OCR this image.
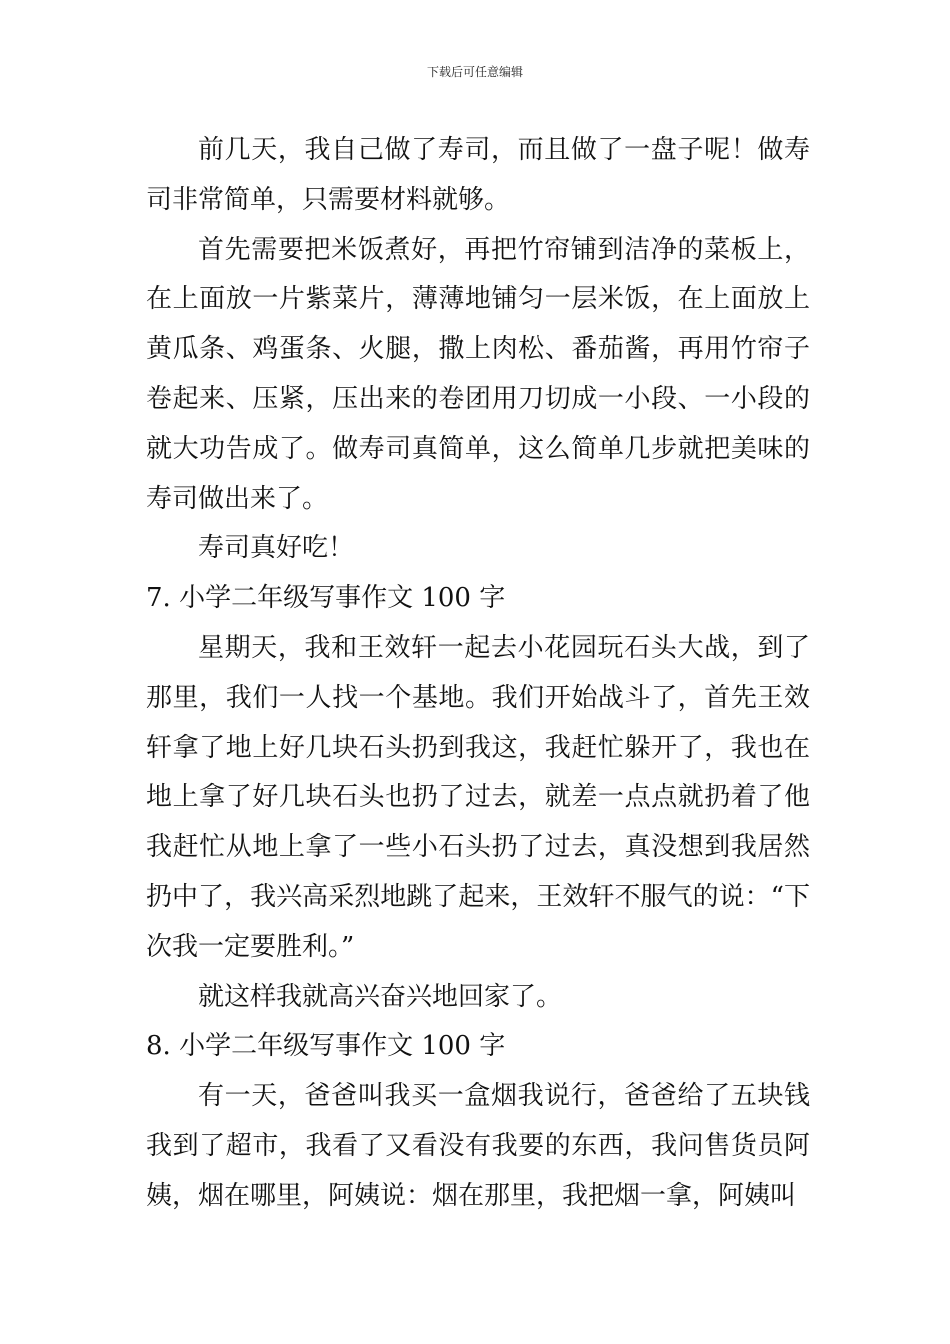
下载后可任意编辑

前几天，我自己做了寿司，而且做了一盘子呢！做寿司非常简单，只需要材料就够。

首先需要把米饭煮好，再把竹帘铺到洁净的菜板上，在上面放一片紫菜片，薄薄地铺匀一层米饭，在上面放上黄瓜条、鸡蛋条、火腿，撒上肉松、番茄酱，再用竹帘子卷起来、压紧，压出来的卷团用刀切成一小段、一小段的就大功告成了。做寿司真简单，这么简单几步就把美味的寿司做出来了。

寿司真好吃！

7. 小学二年级写事作文 100 字

星期天，我和王效轩一起去小花园玩石头大战，到了那里，我们一人找一个基地。我们开始战斗了，首先王效轩拿了地上好几块石头扔到我这，我赶忙躲开了，我也在地上拿了好几块石头也扔了过去，就差一点点就扔着了他我赶忙从地上拿了一些小石头扔了过去，真没想到我居然扔中了，我兴高采烈地跳了起来，王效轩不服气的说：“下次我一定要胜利。”

就这样我就高兴奋兴地回家了。

8. 小学二年级写事作文 100 字

有一天，爸爸叫我买一盒烟我说行，爸爸给了五块钱我到了超市，我看了又看没有我要的东西，我问售货员阿姨，烟在哪里，阿姨说：烟在那里，我把烟一拿，阿姨叫
